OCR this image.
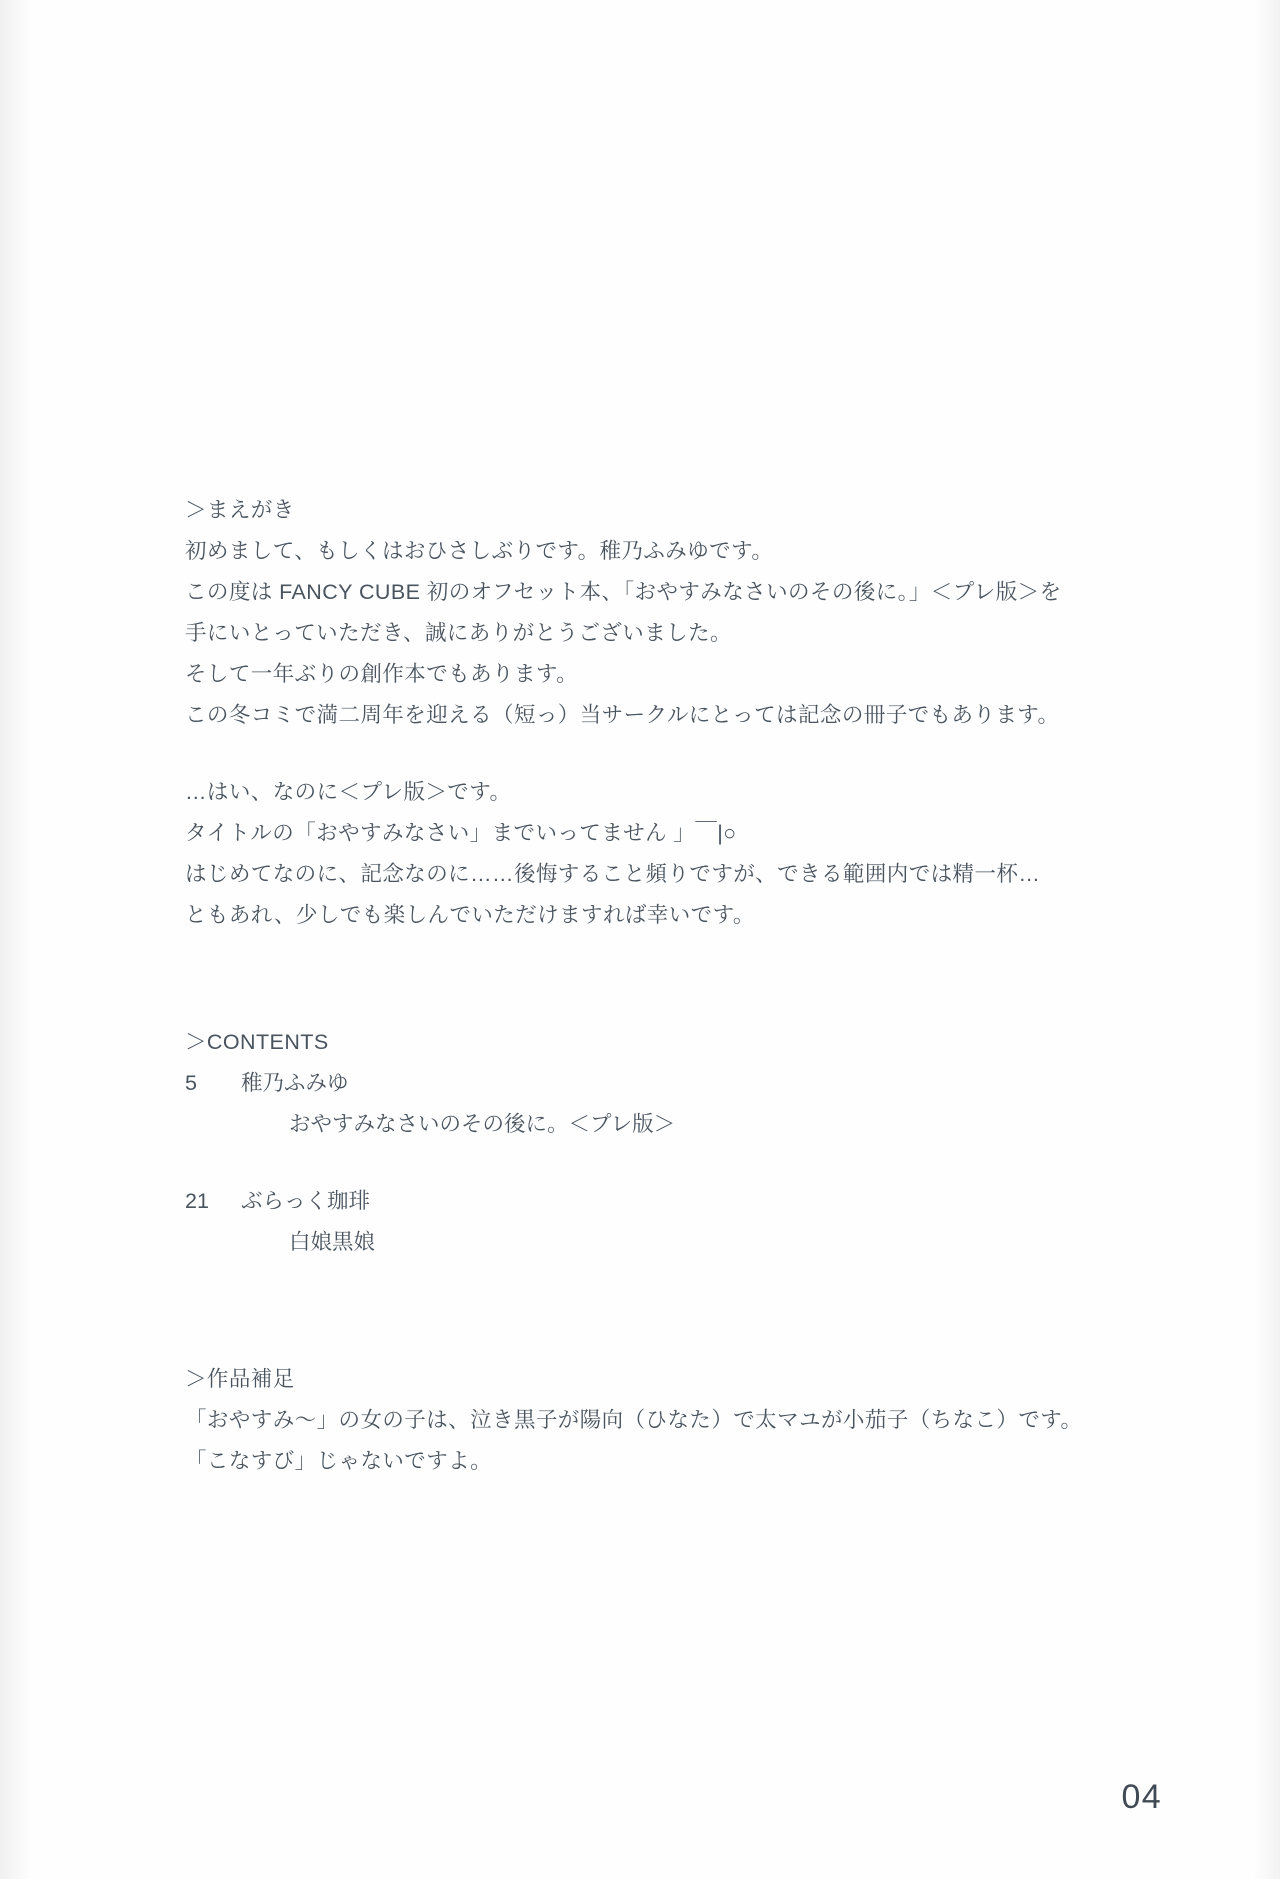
＞まえがき
初めまして、もしくはおひさしぶりです。稚乃ふみゆです。
この度は FANCY CUBE 初のオフセット本、「おやすみなさいのその後に。」＜プレ版＞を
手にいとっていただき、誠にありがとうございました。
そして一年ぶりの創作本でもあります。
この冬コミで満二周年を迎える（短っ）当サークルにとっては記念の冊子でもあります。
…はい、なのに＜プレ版＞です。
タイトルの「おやすみなさい」までいってません 」￣|○
はじめてなのに、記念なのに……後悔すること頻りですが、できる範囲内では精一杯…
ともあれ、少しでも楽しんでいただけますれば幸いです。
＞CONTENTS
5 稚乃ふみゆ
おやすみなさいのその後に。＜プレ版＞
21 ぶらっく珈琲
白娘黒娘
＞作品補足
「おやすみ〜」の女の子は、泣き黒子が陽向（ひなた）で太マユが小茄子（ちなこ）です。
「こなすび」じゃないですよ。
04
